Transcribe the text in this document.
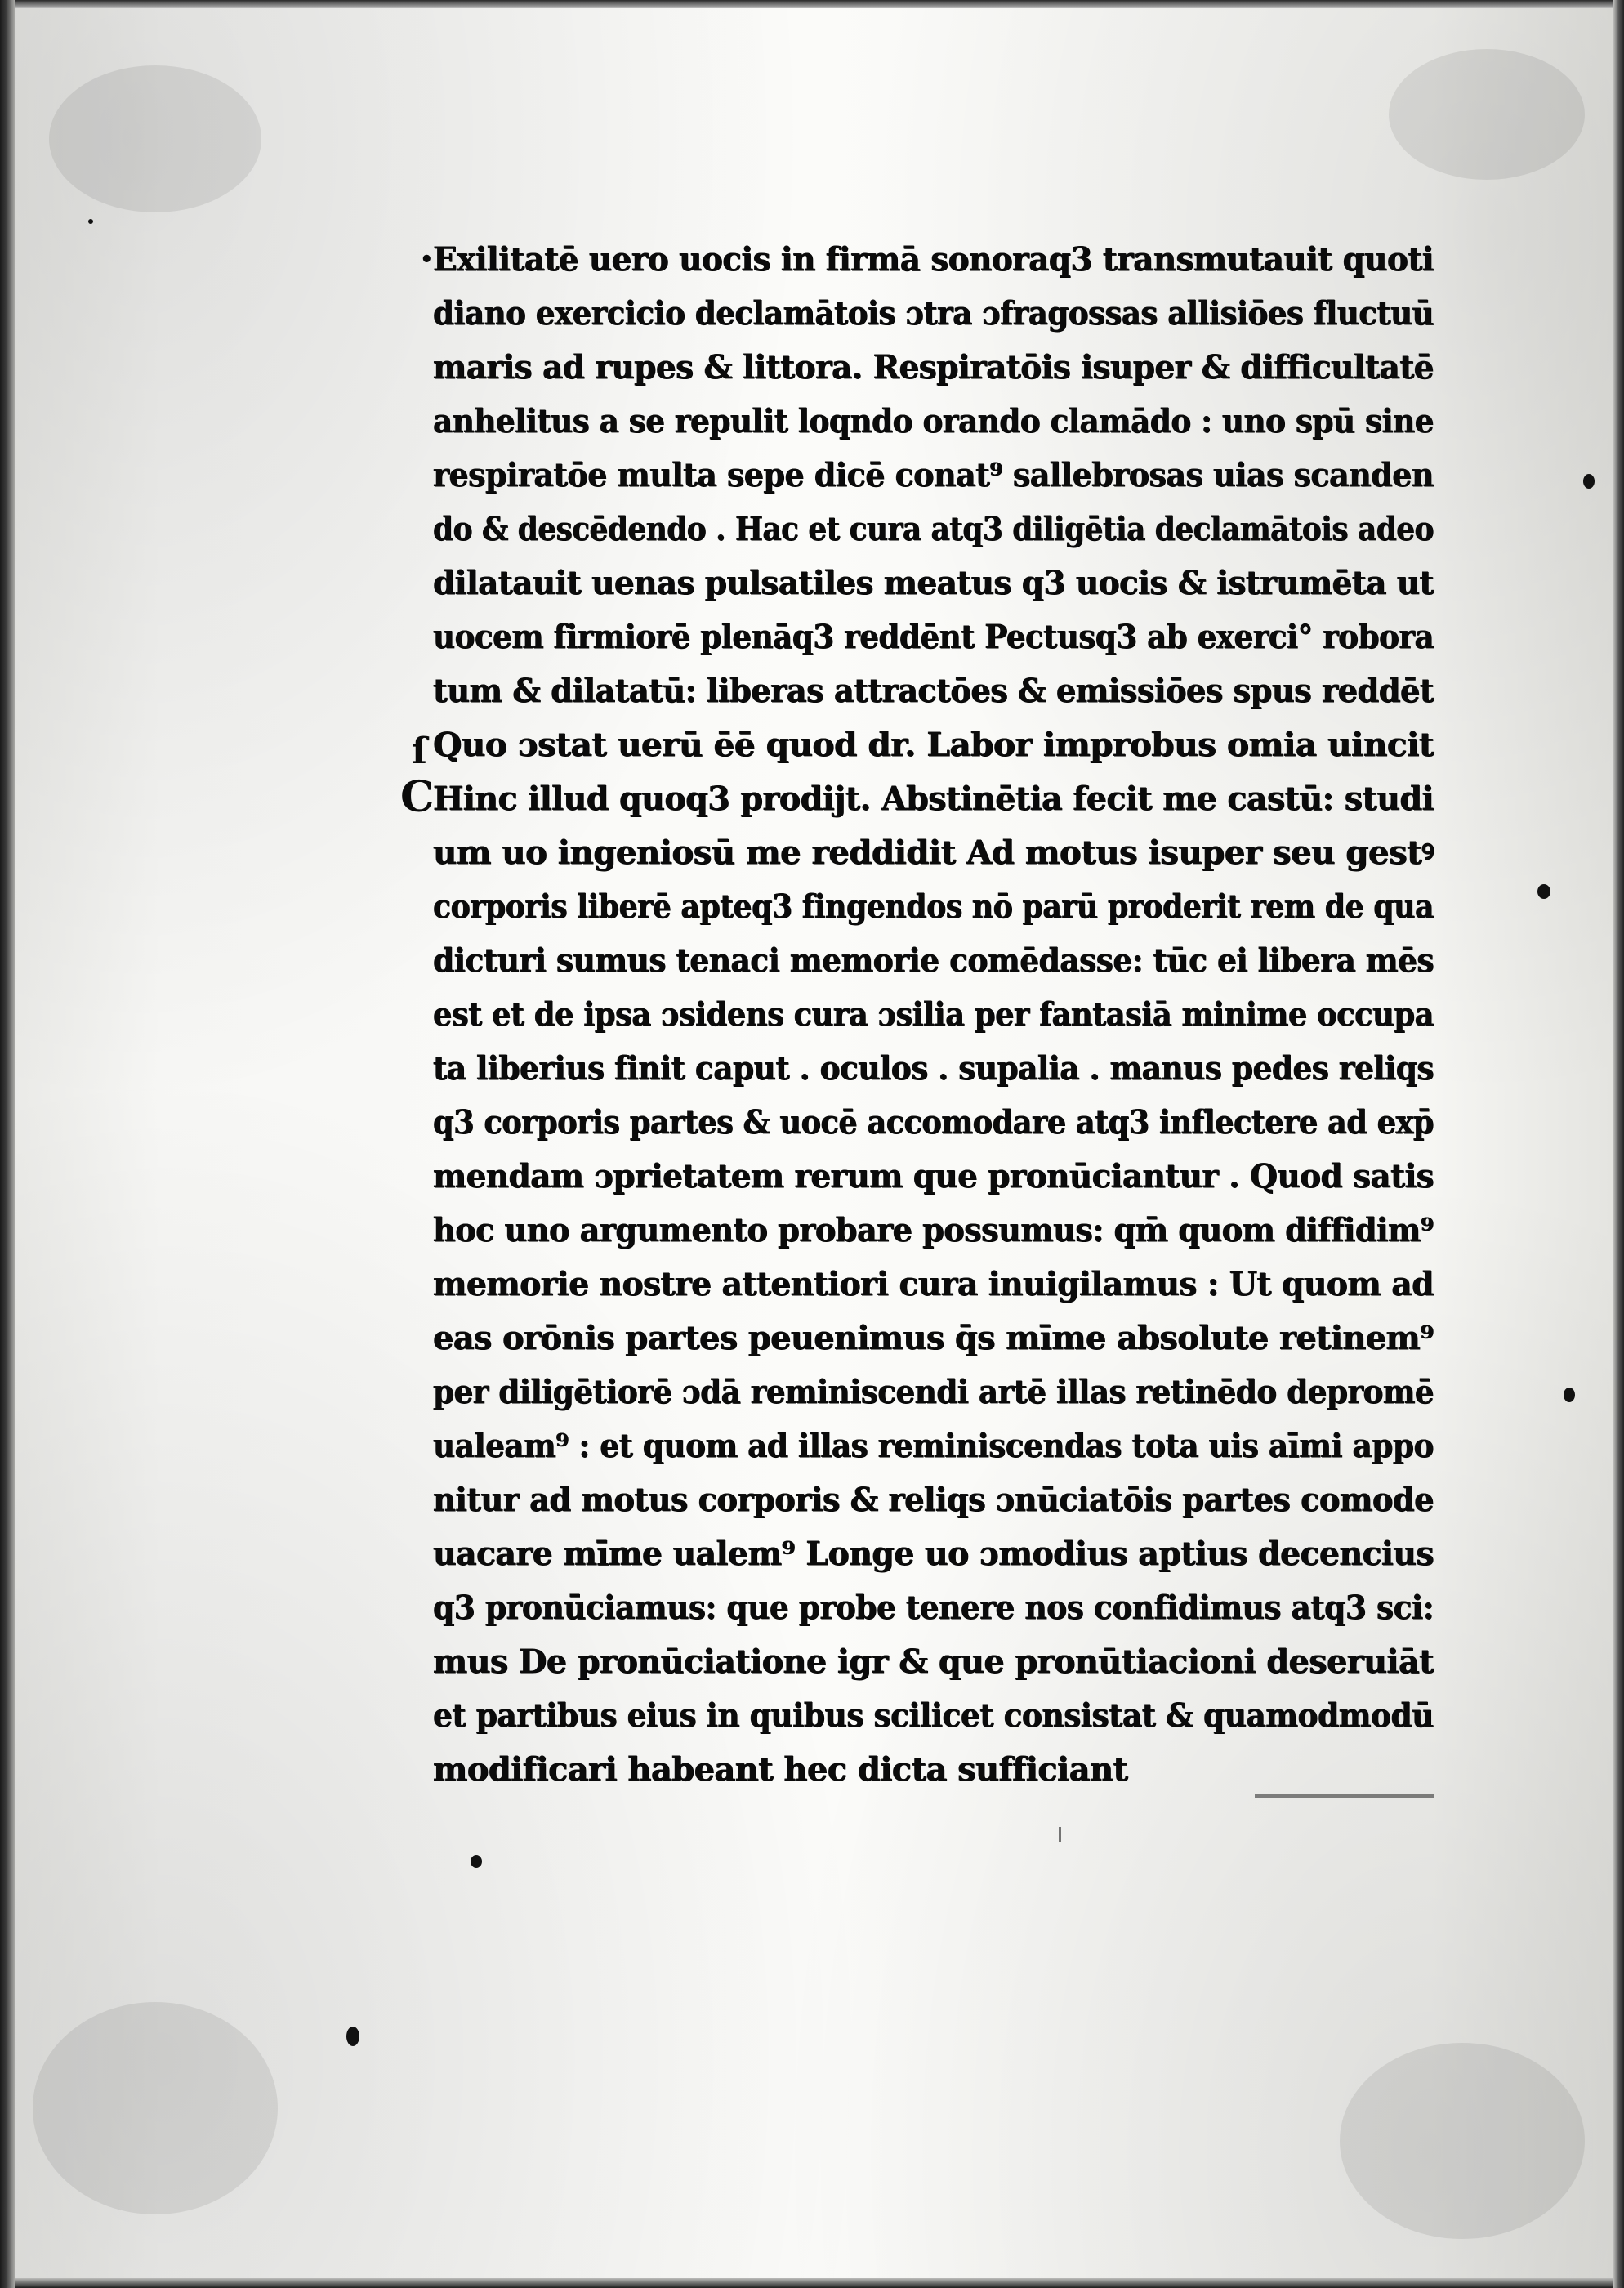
•
ſ
C
Exilitatē uero uocis in firmā sonoraq3 transmutauit quoti
diano exercicio declamātois ɔtra ɔfragossas allisiōes fluctuū
maris ad rupes & littora. Respiratōis isuper & difficultatē
anhelitus a se repulit loqndo orando clamādo : uno spū sine
respiratōe multa sepe dicē conat⁹ sallebrosas uias scanden
do & descēdendo . Hac et cura atq3 diligētia declamātois adeo
dilatauit uenas pulsatiles meatus q3 uocis & istrumēta ut
uocem firmiorē plenāq3 reddēnt Pectusq3 ab exerci° robora
tum & dilatatū: liberas attractōes & emissiōes spus reddēt
Quo ɔstat uerū ēē quod dr. Labor improbus omia uincit
Hinc illud quoq3 prodijt. Abstinētia fecit me castū: studi
um uo ingeniosū me reddidit Ad motus isuper seu gestꝰ
corporis liberē apteq3 fingendos nō parū proderit rem de qua
dicturi sumus tenaci memorie comēdasse: tūc ei libera mēs
est et de ipsa ɔsidens cura ɔsilia per fantasiā minime occupa
ta liberius finit caput . oculos . supalia . manus pedes reliqs
q3 corporis partes & uocē accomodare atq3 inflectere ad exp̄
mendam ɔprietatem rerum que pronūciantur . Quod satis
hoc uno argumento probare possumus: qm̄ quom diffidim⁹
memorie nostre attentiori cura inuigilamus : Ut quom ad
eas orōnis partes peuenimus q̄s mīme absolute retinem⁹
per diligētiorē ɔdā reminiscendi artē illas retinēdo depromē
ualeam⁹ : et quom ad illas reminiscendas tota uis aīmi appo
nitur ad motus corporis & reliqs ɔnūciatōis partes comode
uacare mīme ualem⁹ Longe uo ɔmodius aptius decencius
q3 pronūciamus: que probe tenere nos confidimus atq3 sci:
mus De pronūciatione igr & que pronūtiacioni deseruiāt
et partibus eius in quibus scilicet consistat & quamodmodū
modificari habeant hec dicta sufficiant
